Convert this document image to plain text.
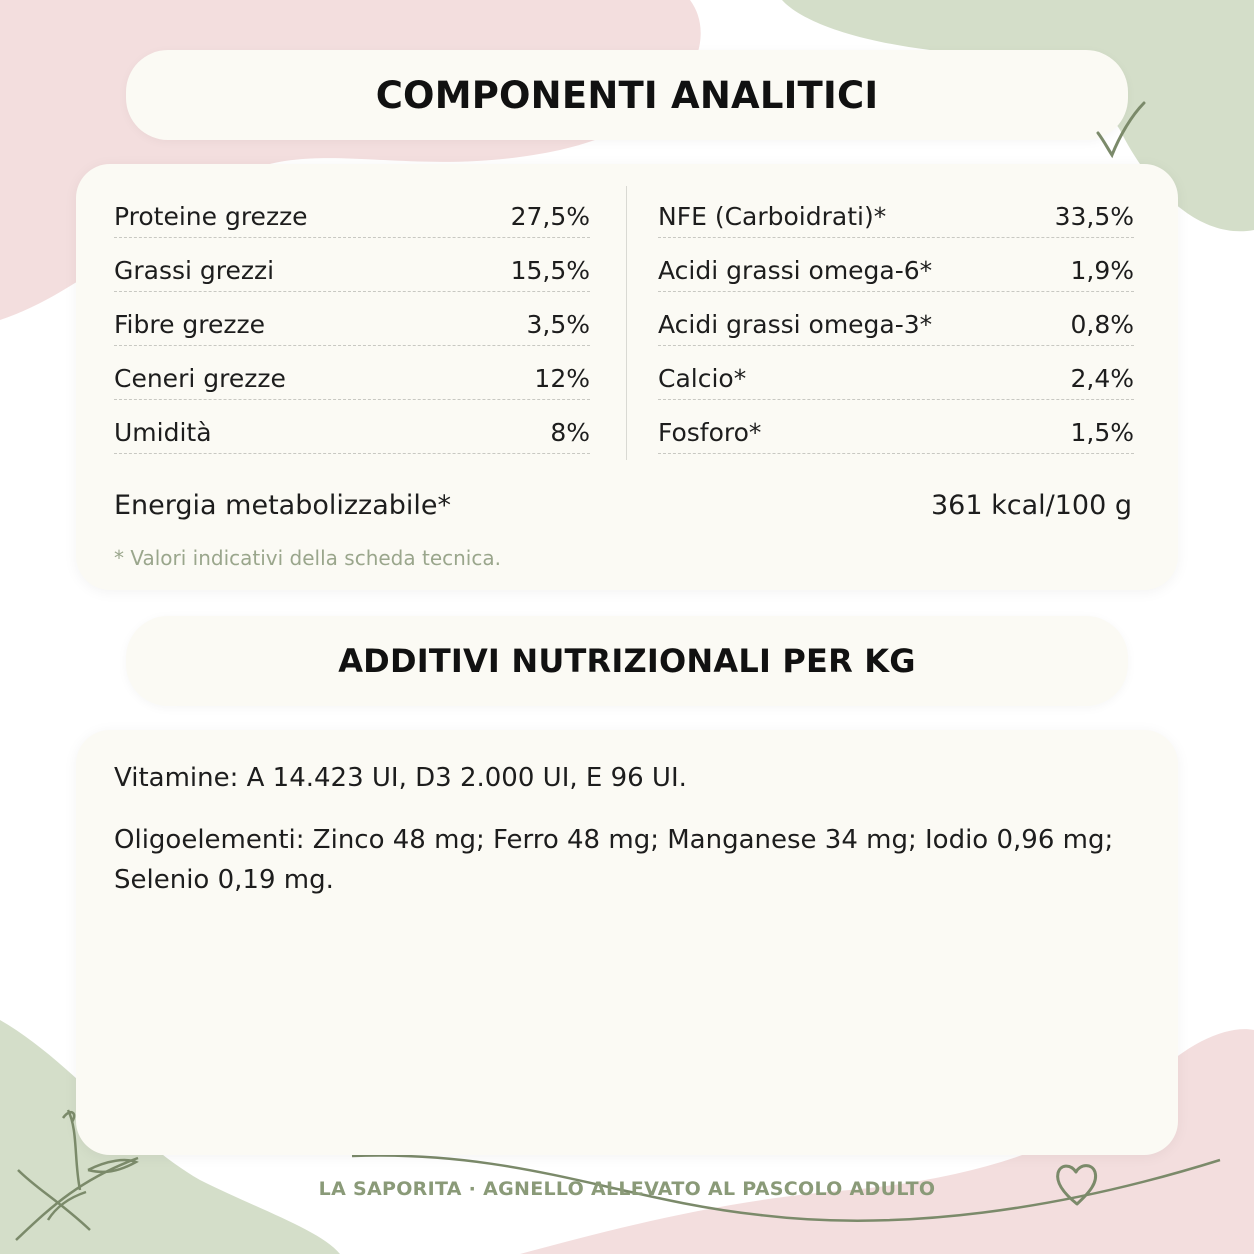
COMPONENTI ANALITICI
Proteine grezze	27,5%
Grassi grezzi	15,5%
Fibre grezze	3,5%
Ceneri grezze	12%
Umidità	8%
NFE (Carboidrati)*	33,5%
Acidi grassi omega-6*	1,9%
Acidi grassi omega-3*	0,8%
Calcio*	2,4%
Fosforo*	1,5%
Energia metabolizzabile*	361 kcal/100 g
* Valori indicativi della scheda tecnica.
ADDITIVI NUTRIZIONALI PER KG

Vitamine: A 14.423 UI, D3 2.000 UI, E 96 UI.

Oligoelementi: Zinco 48 mg; Ferro 48 mg; Manganese 34 mg; Iodio 0,96 mg; Selenio 0,19 mg.

LA SAPORITA · AGNELLO ALLEVATO AL PASCOLO ADULTO
